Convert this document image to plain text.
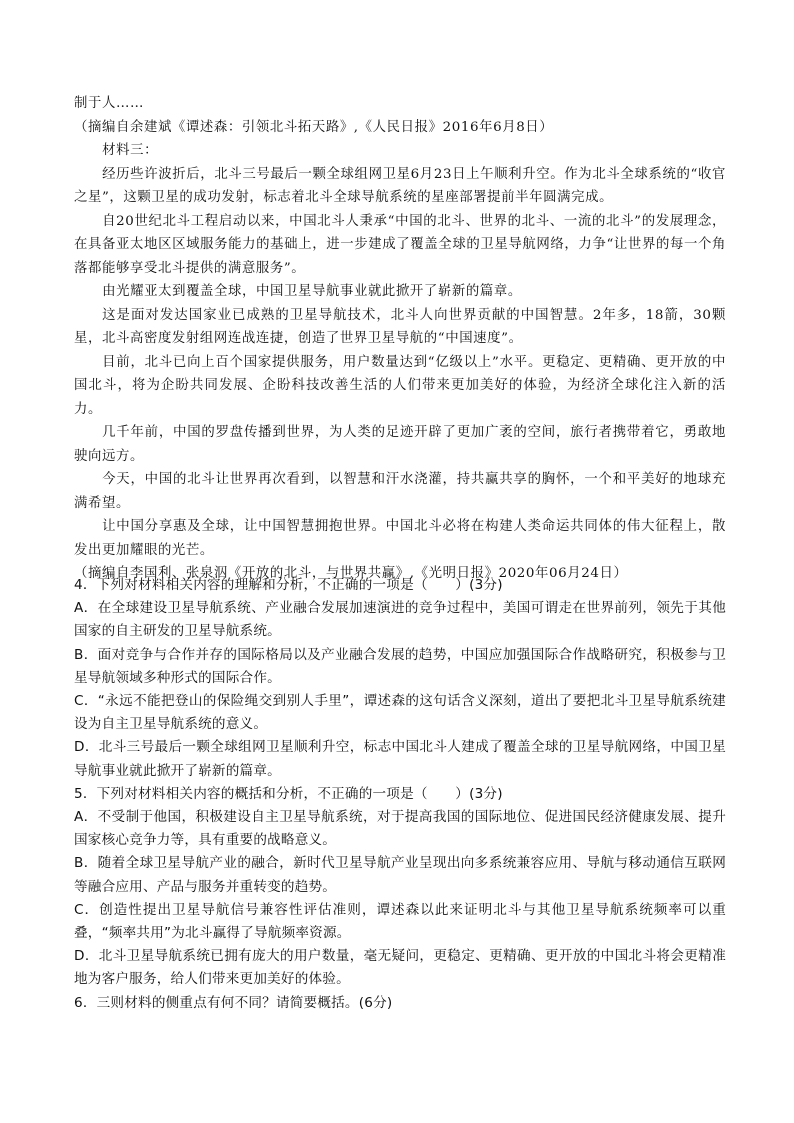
制于人……

（摘编自余建斌《谭述森：引领北斗拓天路》,《人民日报》2016年6月8日）

材料三：

经历些许波折后，北斗三号最后一颗全球组网卫星6月23日上午顺利升空。作为北斗全球系统的“收官之星”，这颗卫星的成功发射，标志着北斗全球导航系统的星座部署提前半年圆满完成。

自20世纪北斗工程启动以来，中国北斗人秉承“中国的北斗、世界的北斗、一流的北斗”的发展理念，在具备亚太地区区域服务能力的基础上，进一步建成了覆盖全球的卫星导航网络，力争“让世界的每一个角落都能够享受北斗提供的满意服务”。

由光耀亚太到覆盖全球，中国卫星导航事业就此掀开了崭新的篇章。

这是面对发达国家业已成熟的卫星导航技术，北斗人向世界贡献的中国智慧。2年多，18箭，30颗星，北斗高密度发射组网连战连捷，创造了世界卫星导航的“中国速度”。

目前，北斗已向上百个国家提供服务，用户数量达到“亿级以上”水平。更稳定、更精确、更开放的中国北斗，将为企盼共同发展、企盼科技改善生活的人们带来更加美好的体验，为经济全球化注入新的活力。

几千年前，中国的罗盘传播到世界，为人类的足迹开辟了更加广袤的空间，旅行者携带着它，勇敢地驶向远方。

今天，中国的北斗让世界再次看到，以智慧和汗水浇灌，持共赢共享的胸怀，一个和平美好的地球充满希望。

让中国分享惠及全球，让中国智慧拥抱世界。中国北斗必将在构建人类命运共同体的伟大征程上，散发出更加耀眼的光芒。

（摘编自李国利、张泉泅《开放的北斗，与世界共赢》,《光明日报》2020年06月24日）

4．下列对材料相关内容的理解和分析，不正确的一项是（　　）(3分)

A．在全球建设卫星导航系统、产业融合发展加速演进的竞争过程中，美国可谓走在世界前列，领先于其他国家的自主研发的卫星导航系统。

B．面对竞争与合作并存的国际格局以及产业融合发展的趋势，中国应加强国际合作战略研究，积极参与卫星导航领域多种形式的国际合作。

C．“永远不能把登山的保险绳交到别人手里”，谭述森的这句话含义深刻，道出了要把北斗卫星导航系统建设为自主卫星导航系统的意义。

D．北斗三号最后一颗全球组网卫星顺利升空，标志中国北斗人建成了覆盖全球的卫星导航网络，中国卫星导航事业就此掀开了崭新的篇章。

5．下列对材料相关内容的概括和分析，不正确的一项是（　　）(3分)

A．不受制于他国，积极建设自主卫星导航系统，对于提高我国的国际地位、促进国民经济健康发展、提升国家核心竞争力等，具有重要的战略意义。

B．随着全球卫星导航产业的融合，新时代卫星导航产业呈现出向多系统兼容应用、导航与移动通信互联网等融合应用、产品与服务并重转变的趋势。

C．创造性提出卫星导航信号兼容性评估准则，谭述森以此来证明北斗与其他卫星导航系统频率可以重叠，“频率共用”为北斗赢得了导航频率资源。

D．北斗卫星导航系统已拥有庞大的用户数量，毫无疑问，更稳定、更精确、更开放的中国北斗将会更精准地为客户服务，给人们带来更加美好的体验。

6．三则材料的侧重点有何不同？请简要概括。(6分)
